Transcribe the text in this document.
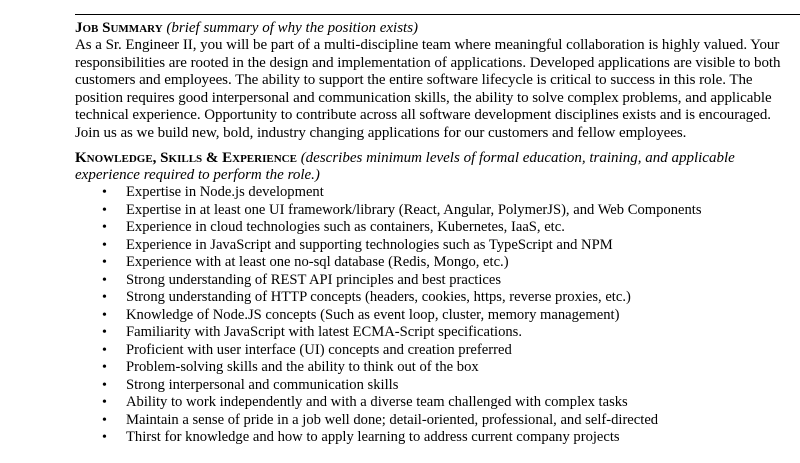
Job Summary (brief summary of why the position exists)

As a Sr. Engineer II, you will be part of a multi-discipline team where meaningful collaboration is highly valued. Your responsibilities are rooted in the design and implementation of applications. Developed applications are visible to both customers and employees. The ability to support the entire software lifecycle is critical to success in this role. The position requires good interpersonal and communication skills, the ability to solve complex problems, and applicable technical experience. Opportunity to contribute across all software development disciplines exists and is encouraged. Join us as we build new, bold, industry changing applications for our customers and fellow employees.

Knowledge, Skills & Experience (describes minimum levels of formal education, training, and applicable experience required to perform the role.)

• Expertise in Node.js development
• Expertise in at least one UI framework/library (React, Angular, PolymerJS), and Web Components
• Experience in cloud technologies such as containers, Kubernetes, IaaS, etc.
• Experience in JavaScript and supporting technologies such as TypeScript and NPM
• Experience with at least one no-sql database (Redis, Mongo, etc.)
• Strong understanding of REST API principles and best practices
• Strong understanding of HTTP concepts (headers, cookies, https, reverse proxies, etc.)
• Knowledge of Node.JS concepts (Such as event loop, cluster, memory management)
• Familiarity with JavaScript with latest ECMA-Script specifications.
• Proficient with user interface (UI) concepts and creation preferred
• Problem-solving skills and the ability to think out of the box
• Strong interpersonal and communication skills
• Ability to work independently and with a diverse team challenged with complex tasks
• Maintain a sense of pride in a job well done; detail-oriented, professional, and self-directed
• Thirst for knowledge and how to apply learning to address current company projects
